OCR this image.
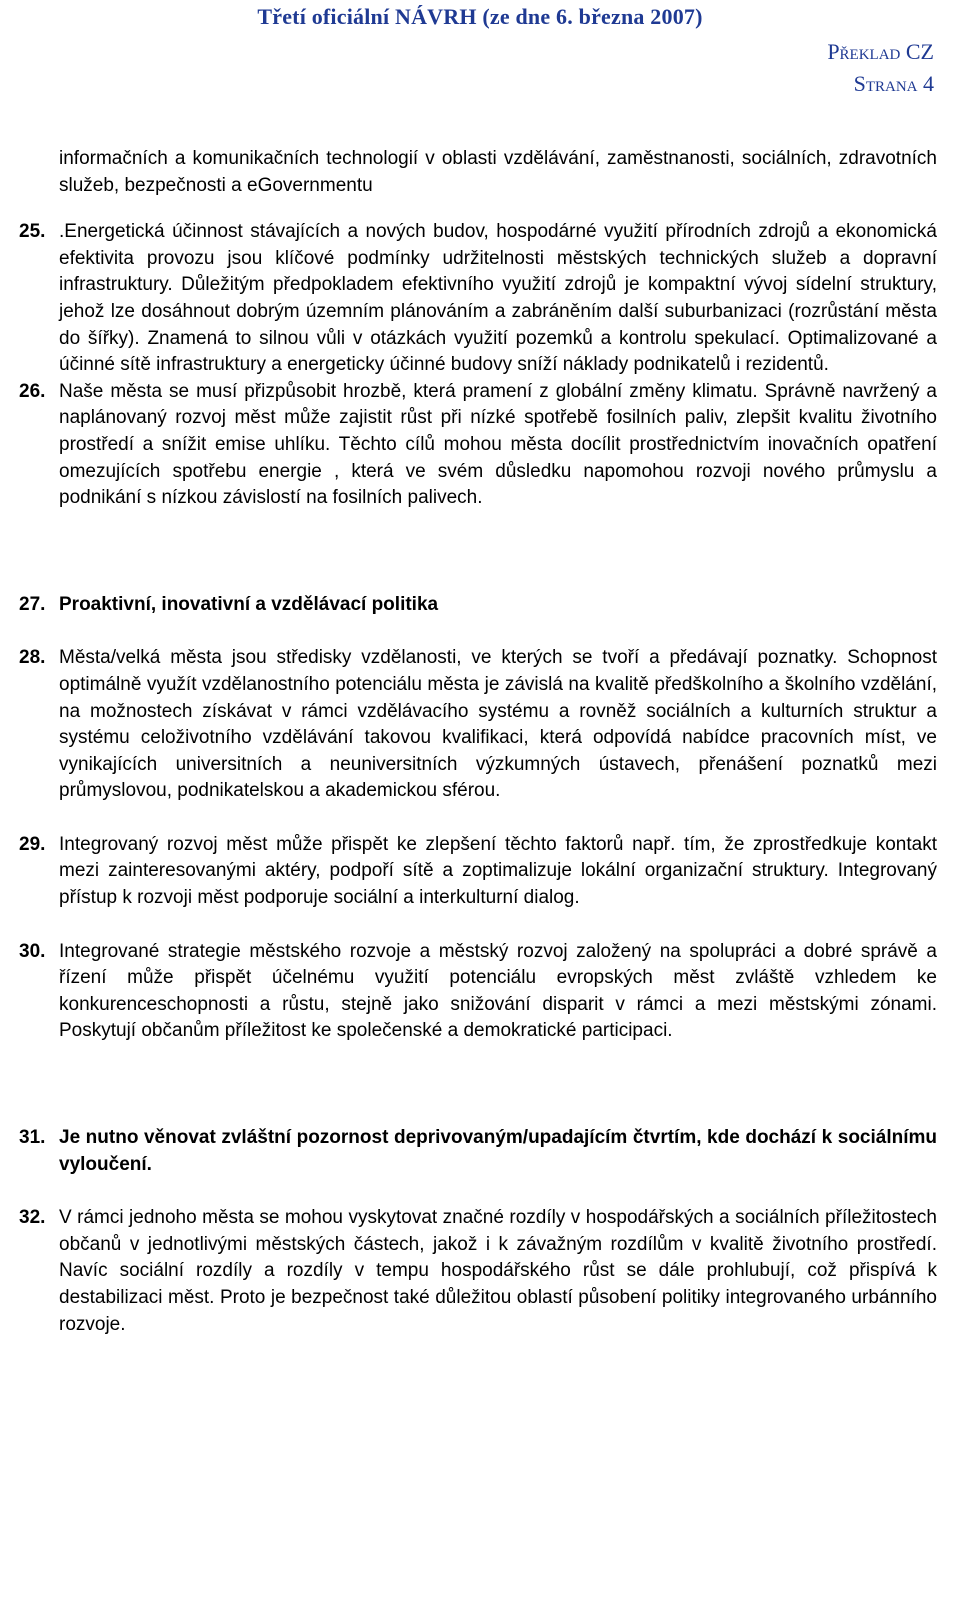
Třetí oficiální NÁVRH (ze dne 6. března 2007)
Překlad CZ
Strana 4
informačních a komunikačních technologií v oblasti vzdělávání, zaměstnanosti, sociálních, zdravotních služeb, bezpečnosti a eGovernmentu
25. .Energetická účinnost stávajících a nových budov, hospodárné využití přírodních zdrojů a ekonomická efektivita provozu jsou klíčové podmínky udržitelnosti městských technických služeb a dopravní infrastruktury. Důležitým předpokladem efektivního využití zdrojů je kompaktní vývoj sídelní struktury, jehož lze dosáhnout dobrým územním plánováním a zabráněním další suburbanizaci (rozrůstání města do šířky). Znamená to silnou vůli v otázkách využití pozemků a kontrolu spekulací. Optimalizované a účinné sítě infrastruktury a energeticky účinné budovy sníží náklady podnikatelů i rezidentů.
26. Naše města se musí přizpůsobit hrozbě, která pramení z globální změny klimatu. Správně navržený a naplánovaný rozvoj měst může zajistit růst při nízké spotřebě fosilních paliv, zlepšit kvalitu životního prostředí a snížit emise uhlíku. Těchto cílů mohou města docílit prostřednictvím inovačních opatření omezujících spotřebu energie , která ve svém důsledku napomohou rozvoji nového průmyslu a podnikání s nízkou závislostí na fosilních palivech.
27. Proaktivní, inovativní a vzdělávací politika
28. Města/velká města jsou středisky vzdělanosti, ve kterých se tvoří a předávají poznatky. Schopnost optimálně využít vzdělanostního potenciálu města je závislá na kvalitě předškolního a školního vzdělání, na možnostech získávat v rámci vzdělávacího systému a rovněž sociálních a kulturních struktur a systému celoživotního vzdělávání takovou kvalifikaci, která odpovídá nabídce pracovních míst, ve vynikajících universitních a neuniversitních výzkumných ústavech, přenášení poznatků mezi průmyslovou, podnikatelskou a akademickou sférou.
29. Integrovaný rozvoj měst může přispět ke zlepšení těchto faktorů např. tím, že zprostředkuje kontakt mezi zainteresovanými aktéry, podpoří sítě a zoptimalizuje lokální organizační struktury. Integrovaný přístup k rozvoji měst podporuje sociální a interkulturní dialog.
30. Integrované strategie městského rozvoje a městský rozvoj založený na spolupráci a dobré správě a řízení může přispět účelnému využití potenciálu evropských měst zvláště vzhledem ke konkurenceschopnosti a růstu, stejně jako snižování disparit v rámci a mezi městskými zónami. Poskytují občanům příležitost ke společenské a demokratické participaci.
31. Je nutno věnovat zvláštní pozornost deprivovaným/upadajícím čtvrtím, kde dochází k sociálnímu vyloučení.
32. V rámci jednoho města se mohou vyskytovat značné rozdíly v hospodářských a sociálních příležitostech občanů v jednotlivými městských částech, jakož i k závažným rozdílům v kvalitě životního prostředí. Navíc sociální rozdíly a rozdíly v tempu hospodářského růst se dále prohlubují, což přispívá k destabilizaci měst. Proto je bezpečnost také důležitou oblastí působení politiky integrovaného urbánního rozvoje.
